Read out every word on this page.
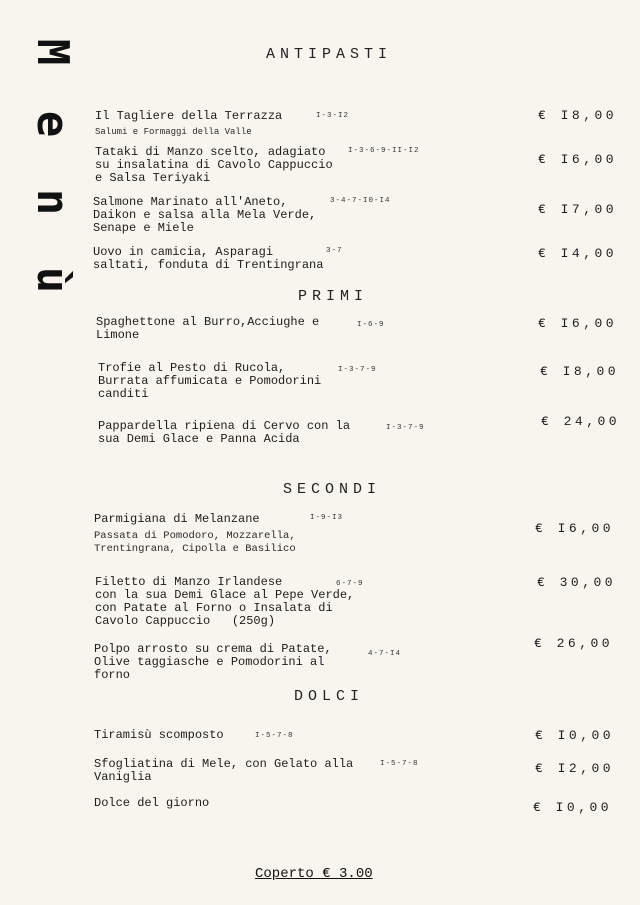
M
e
n
ù
ANTIPASTI
Il Tagliere della Terrazza	I-3-I2
Salumi e Formaggi della Valle
€ I8,00
Tataki di Manzo scelto, adagiato
su insalatina di Cavolo Cappuccio
e Salsa Teriyaki
I-3-6-9-II-I2
€ I6,00
Salmone Marinato all'Aneto,
Daikon e salsa alla Mela Verde,
Senape e Miele
3-4-7-I0-I4
€ I7,00
Uovo in camicia, Asparagi
saltati, fonduta di Trentingrana
3-7	€ I4,00
PRIMI
Spaghettone al Burro,Acciughe e
Limone
I-6-9	€ I6,00
Trofie al Pesto di Rucola,
Burrata affumicata e Pomodorini
canditi
I-3-7-9	€ I8,00
Pappardella ripiena di Cervo con la
sua Demi Glace e Panna Acida
I-3-7-9	€ 24,00
SECONDI
Parmigiana di Melanzane	I-9-I3
Passata di Pomodoro, Mozzarella,
Trentingrana, Cipolla e Basilico
€ I6,00
Filetto di Manzo Irlandese
con la sua Demi Glace al Pepe Verde,
con Patate al Forno o Insalata di
Cavolo Cappuccio   (250g)
6-7-9	€ 30,00
Polpo arrosto su crema di Patate,
Olive taggiasche e Pomodorini al
forno
4-7-I4
€ 26,00
DOLCI
Tiramisù scomposto	I-5-7-8	€ I0,00
Sfogliatina di Mele, con Gelato alla
Vaniglia
I-5-7-8	€ I2,00
Dolce del giorno	€ I0,00
Coperto € 3.00
